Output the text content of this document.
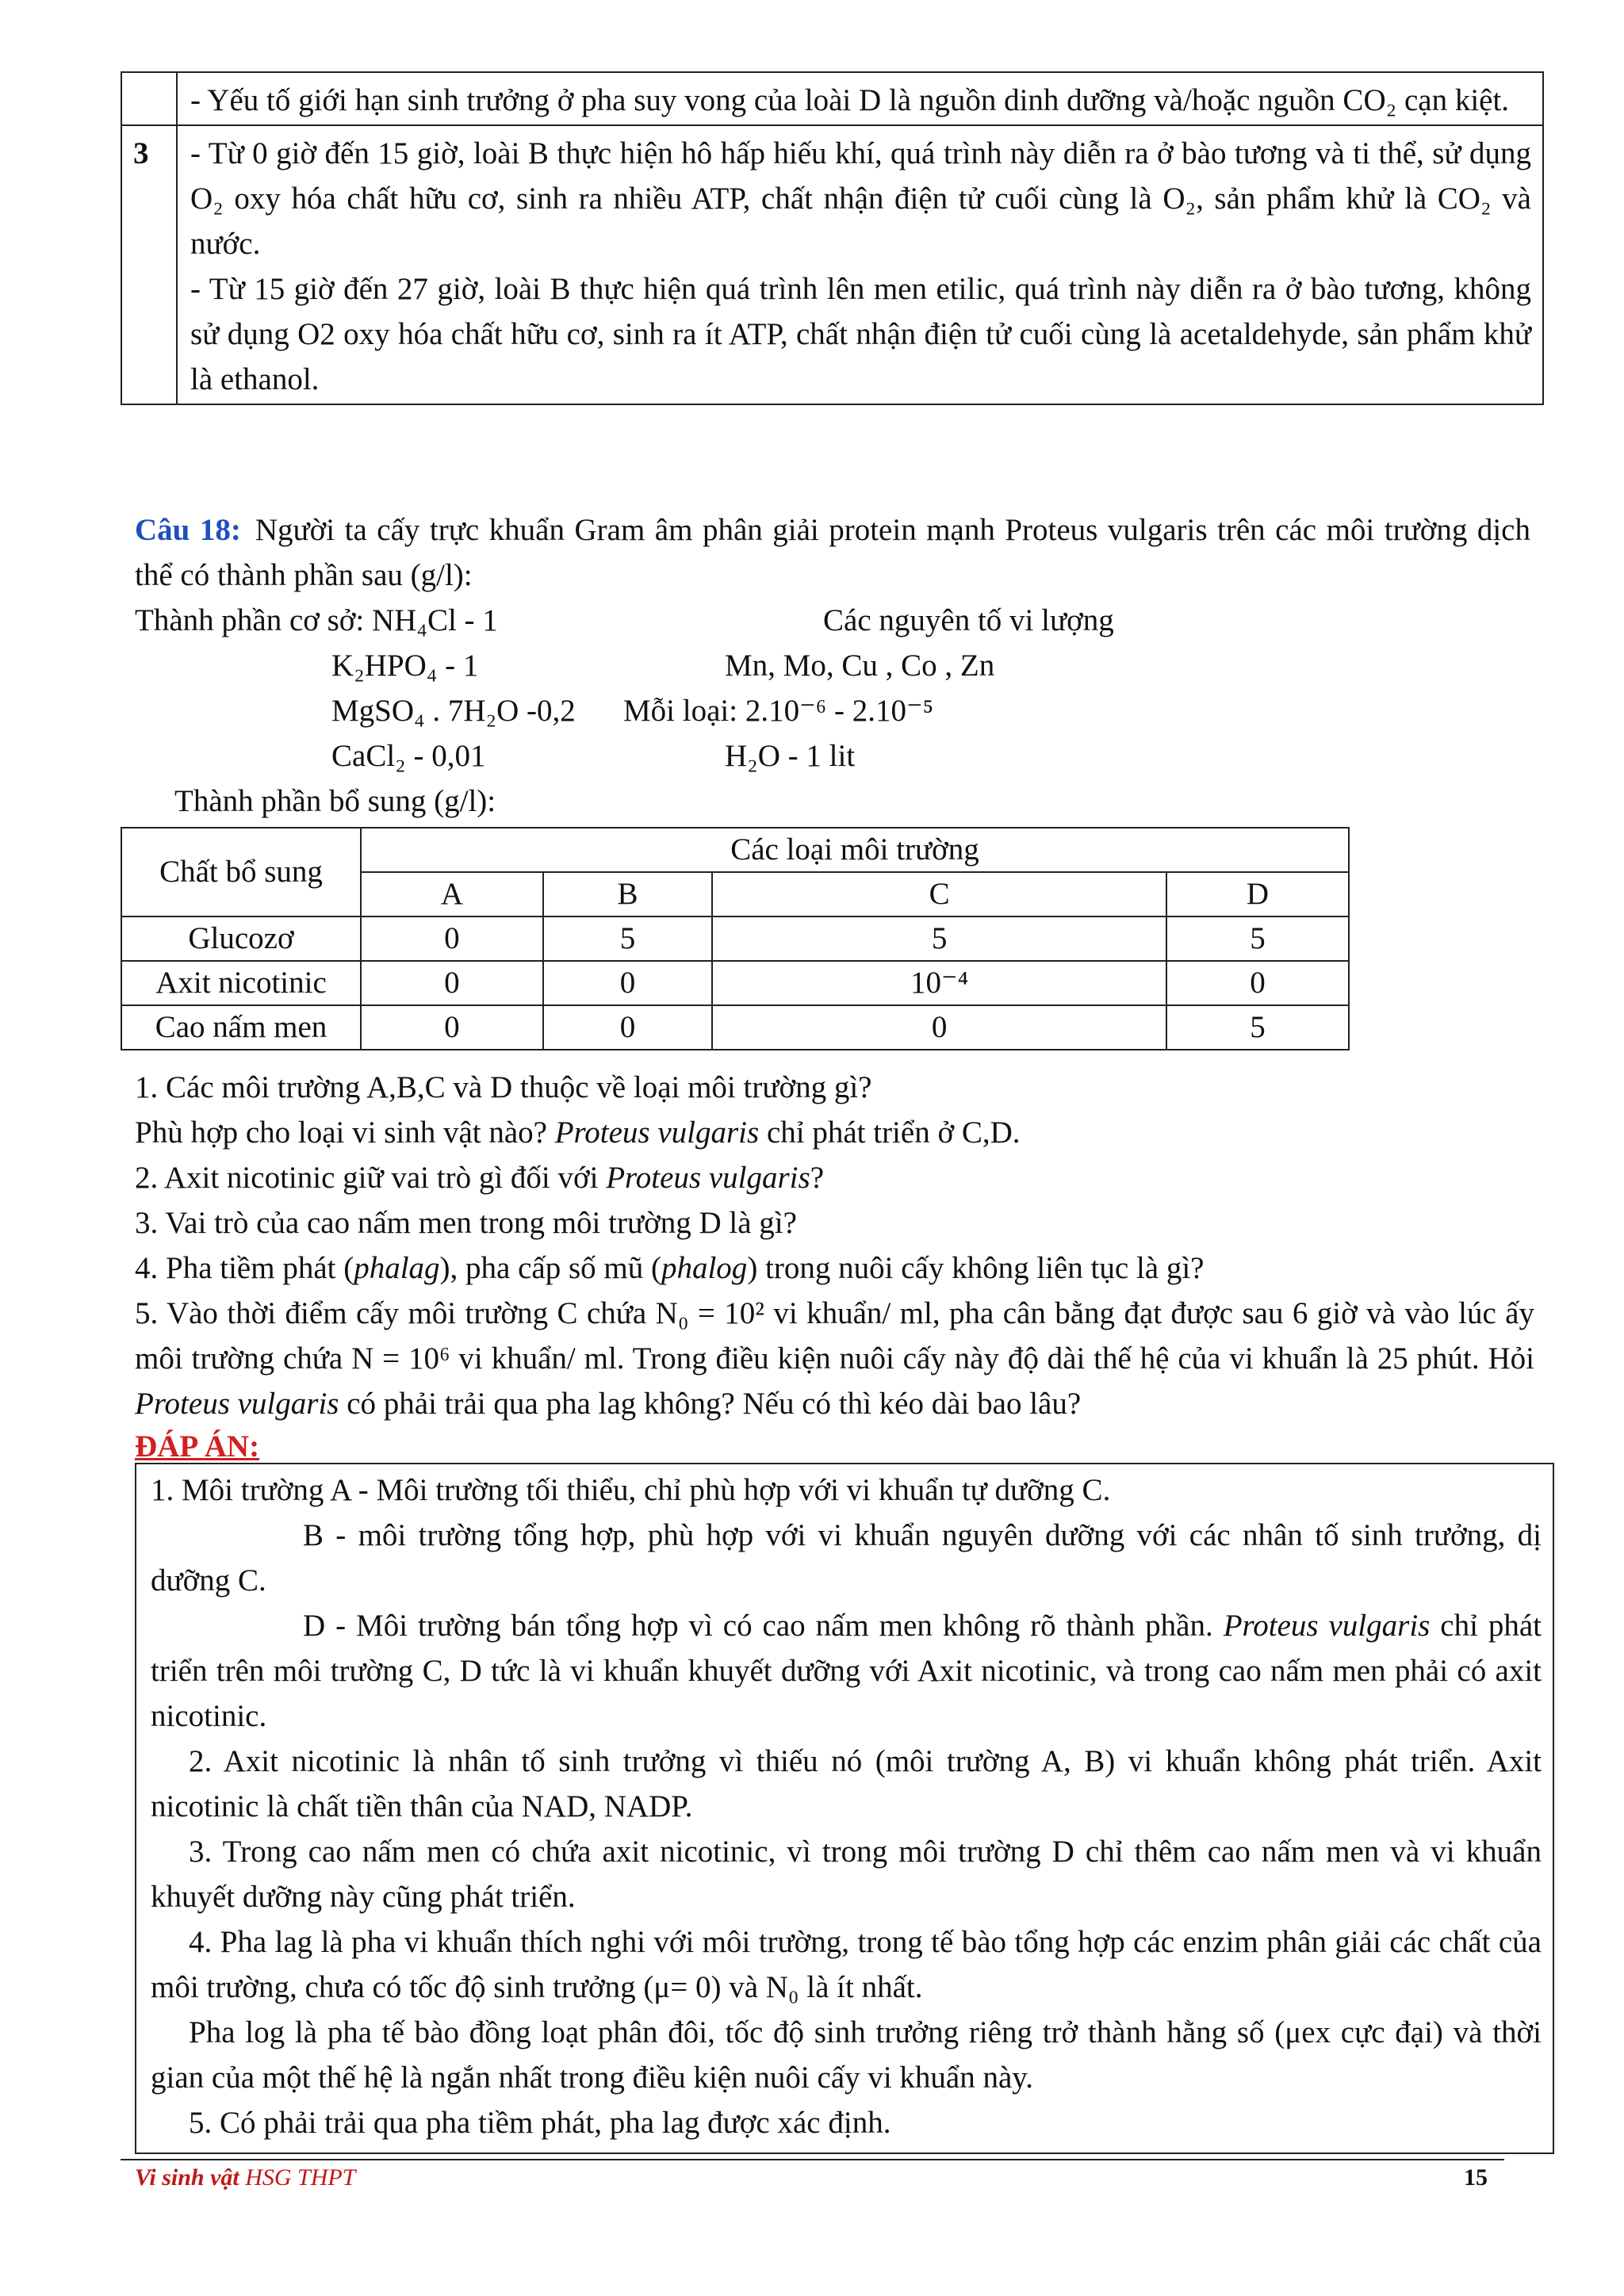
	- Yếu tố giới hạn sinh trưởng ở pha suy vong của loài D là nguồn dinh dưỡng và/hoặc nguồn CO₂ cạn kiệt.
3	- Từ 0 giờ đến 15 giờ, loài B thực hiện hô hấp hiếu khí, quá trình này diễn ra ở bào tương và ti thể, sử dụng O₂ oxy hóa chất hữu cơ, sinh ra nhiều ATP, chất nhận điện tử cuối cùng là O₂, sản phẩm khử là CO₂ và nước.

- Từ 15 giờ đến 27 giờ, loài B thực hiện quá trình lên men etilic, quá trình này diễn ra ở bào tương, không sử dụng O2 oxy hóa chất hữu cơ, sinh ra ít ATP, chất nhận điện tử cuối cùng là acetaldehyde, sản phẩm khử là ethanol.

Câu 18: Người ta cấy trực khuẩn Gram âm phân giải protein mạnh Proteus vulgaris trên các môi trường dịch thể có thành phần sau (g/l):

Thành phần cơ sở: NH₄Cl - 1	Các nguyên tố vi lượng
K₂HPO₄ - 1	Mn, Mo, Cu , Co , Zn
MgSO₄ . 7H₂O -0,2 Mỗi loại: 2.10⁻⁶ - 2.10⁻⁵
CaCl₂ - 0,01	H₂O - 1 lit
Thành phần bổ sung (g/l):
Chất bổ sung	Các loại môi trường			
	A	B	C	D
Glucozơ	0	5	5	5
Axit nicotinic	0	0	10⁻⁴	0
Cao nấm men	0	0	0	5

1. Các môi trường A,B,C và D thuộc về loại môi trường gì?

Phù hợp cho loại vi sinh vật nào? Proteus vulgaris chỉ phát triển ở C,D.

2. Axit nicotinic giữ vai trò gì đối với Proteus vulgaris?

3. Vai trò của cao nấm men trong môi trường D là gì?

4. Pha tiềm phát (phalag), pha cấp số mũ (phalog) trong nuôi cấy không liên tục là gì?

5. Vào thời điểm cấy môi trường C chứa N₀ = 10² vi khuẩn/ ml, pha cân bằng đạt được sau 6 giờ và vào lúc ấy môi trường chứa N = 10⁶ vi khuẩn/ ml. Trong điều kiện nuôi cấy này độ dài thế hệ của vi khuẩn là 25 phút. Hỏi Proteus vulgaris có phải trải qua pha lag không? Nếu có thì kéo dài bao lâu?

ĐÁP ÁN:

1. Môi trường A - Môi trường tối thiểu, chỉ phù hợp với vi khuẩn tự dưỡng C.

B - môi trường tổng hợp, phù hợp với vi khuẩn nguyên dưỡng với các nhân tố sinh trưởng, dị dưỡng C.

D - Môi trường bán tổng hợp vì có cao nấm men không rõ thành phần. Proteus vulgaris chỉ phát triển trên môi trường C, D tức là vi khuẩn khuyết dưỡng với Axit nicotinic, và trong cao nấm men phải có axit nicotinic.

2. Axit nicotinic là nhân tố sinh trưởng vì thiếu nó (môi trường A, B) vi khuẩn không phát triển. Axit nicotinic là chất tiền thân của NAD, NADP.

3. Trong cao nấm men có chứa axit nicotinic, vì trong môi trường D chỉ thêm cao nấm men và vi khuẩn khuyết dưỡng này cũng phát triển.

4. Pha lag là pha vi khuẩn thích nghi với môi trường, trong tế bào tổng hợp các enzim phân giải các chất của môi trường, chưa có tốc độ sinh trưởng (μ= 0) và N₀ là ít nhất.

Pha log là pha tế bào đồng loạt phân đôi, tốc độ sinh trưởng riêng trở thành hằng số (μex cực đại) và thời gian của một thế hệ là ngắn nhất trong điều kiện nuôi cấy vi khuẩn này.

5. Có phải trải qua pha tiềm phát, pha lag được xác định.

Vi sinh vật HSG THPT	15
